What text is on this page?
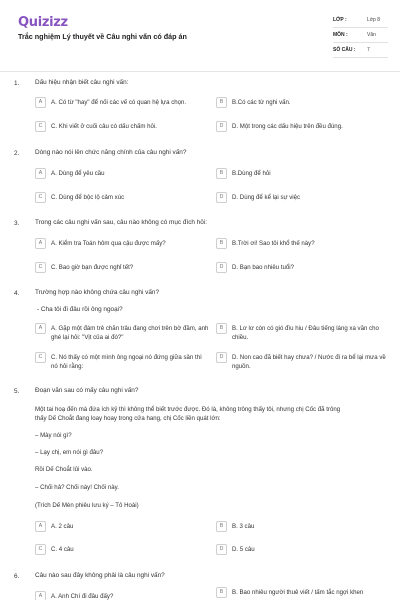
Quizizz
Trắc nghiệm Lý thuyết về Câu nghi vấn có đáp án
LỚP :	Lớp 8
MÔN :	Văn
SỐ CÂU : 7
1. Dấu hiệu nhận biết câu nghi vấn:
A	A. Có từ "hay" để nối các vế có quan hệ lựa chọn.	B	B.Có các từ nghi vấn.
C	C. Khi viết ở cuối câu có dấu chấm hỏi.	D	D. Một trong các dấu hiệu trên đều đúng.
2. Dòng nào nói lên chức năng chính của câu nghi vấn?
A	A. Dùng để yêu cầu	B	B.Dùng để hỏi
C	C. Dùng để bộc lộ cảm xúc	D	D. Dùng để kể lại sự việc
3. Trong các câu nghi vấn sau, câu nào không có mục đích hỏi:
A	A. Kiểm tra Toán hôm qua cậu được mấy?	B	B.Trời ơi! Sao tôi khổ thế này?
C	C. Bao giờ bạn được nghỉ tết?	D	D. Bạn bao nhiêu tuổi?
4. Trường hợp nào không chứa câu nghi vấn?
- Cha tôi đi đâu rồi ông ngoại?
A	A. Gặp một đám trẻ chăn trâu đang chơi trên bờ đầm, anh ghé lại hỏi: "Vịt của ai đó?"
B	B. Lơ lơ còn có gió đìu hiu / Đâu tiếng láng xa văn cho chiều.
C	C. Nó thấy có một mình ông ngoại nó đứng giữa sân thì nó hỏi rằng:
D	D. Non cao đã biết hay chưa? / Nước đi ra bể lại mưa về nguồn.
5. Đoạn văn sau có mấy câu nghi vấn?
Một tai hoạ đến mà đứa ích kỷ thì không thể biết trước được. Đó là, không trông thấy tôi, nhưng chị Cốc đã trông
thấy Dế Choắt đang loay hoay trong cửa hang, chị Cốc liền quát lớn:
– Mày nói gì?
– Lạy chị, em nói gì đâu?
Rồi Dế Choắt lủi vào.
– Chối hả? Chối này! Chối này.
(Trích Dế Mèn phiêu lưu ký – Tô Hoài)
A	A. 2 câu	B	B. 3 câu
C	C. 4 câu	D	D. 5 câu
6. Câu nào sau đây không phải là câu nghi vấn?
A	A. Anh Chí đi đâu đấy?
B	B. Bao nhiêu người thuê viết / tấm tắc ngợi khen
